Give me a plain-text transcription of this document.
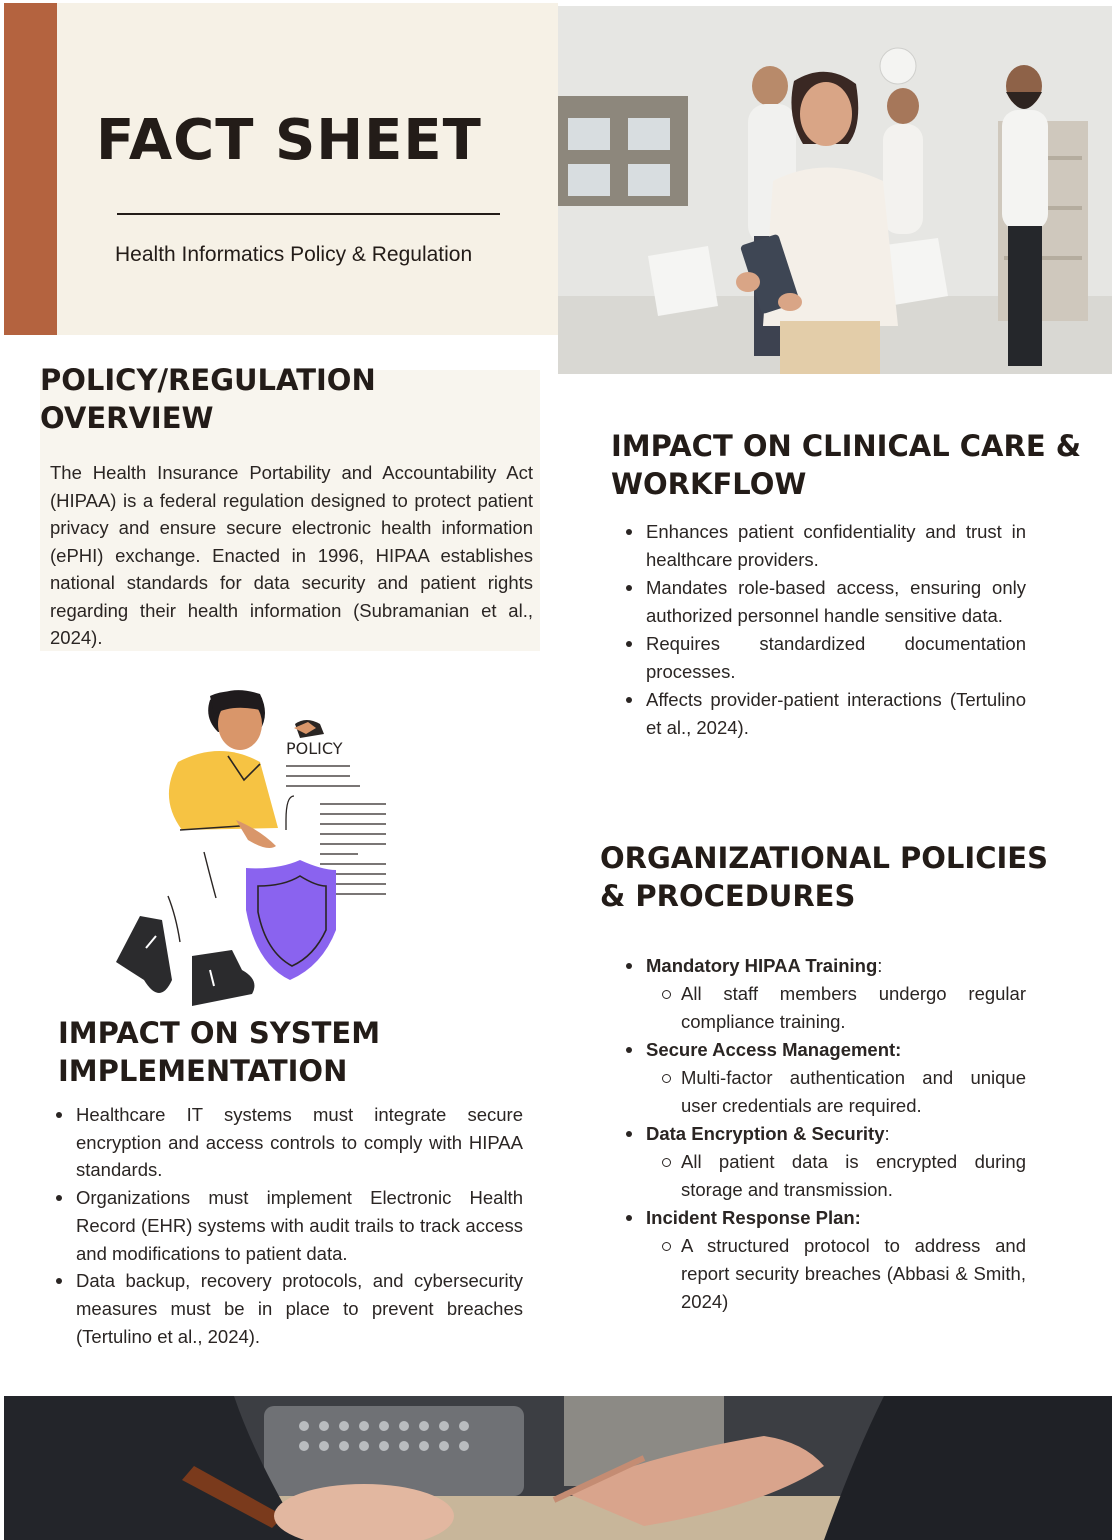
FACT SHEET
Health Informatics Policy & Regulation
POLICY/REGULATION
OVERVIEW

The Health Insurance Portability and Accountability Act (HIPAA) is a federal regulation designed to protect patient privacy and ensure secure electronic health information (ePHI) exchange. Enacted in 1996, HIPAA establishes national standards for data security and patient rights regarding their health information (Subramanian et al., 2024).

IMPACT ON CLINICAL CARE &
WORKFLOW
Enhances patient confidentiality and trust in healthcare providers.
Mandates role-based access, ensuring only authorized personnel handle sensitive data.
Requires standardized documentation processes.
Affects provider-patient interactions (Tertulino et al., 2024).
POLICY
ORGANIZATIONAL POLICIES
& PROCEDURES
Mandatory HIPAA Training:
All staff members undergo regular compliance training.
Secure Access Management:
Multi-factor authentication and unique user credentials are required.
Data Encryption & Security:
All patient data is encrypted during storage and transmission.
Incident Response Plan:
A structured protocol to address and report security breaches (Abbasi & Smith, 2024)
IMPACT ON SYSTEM
IMPLEMENTATION
Healthcare IT systems must integrate secure encryption and access controls to comply with HIPAA standards.
Organizations must implement Electronic Health Record (EHR) systems with audit trails to track access and modifications to patient data.
Data backup, recovery protocols, and cybersecurity measures must be in place to prevent breaches (Tertulino et al., 2024).
